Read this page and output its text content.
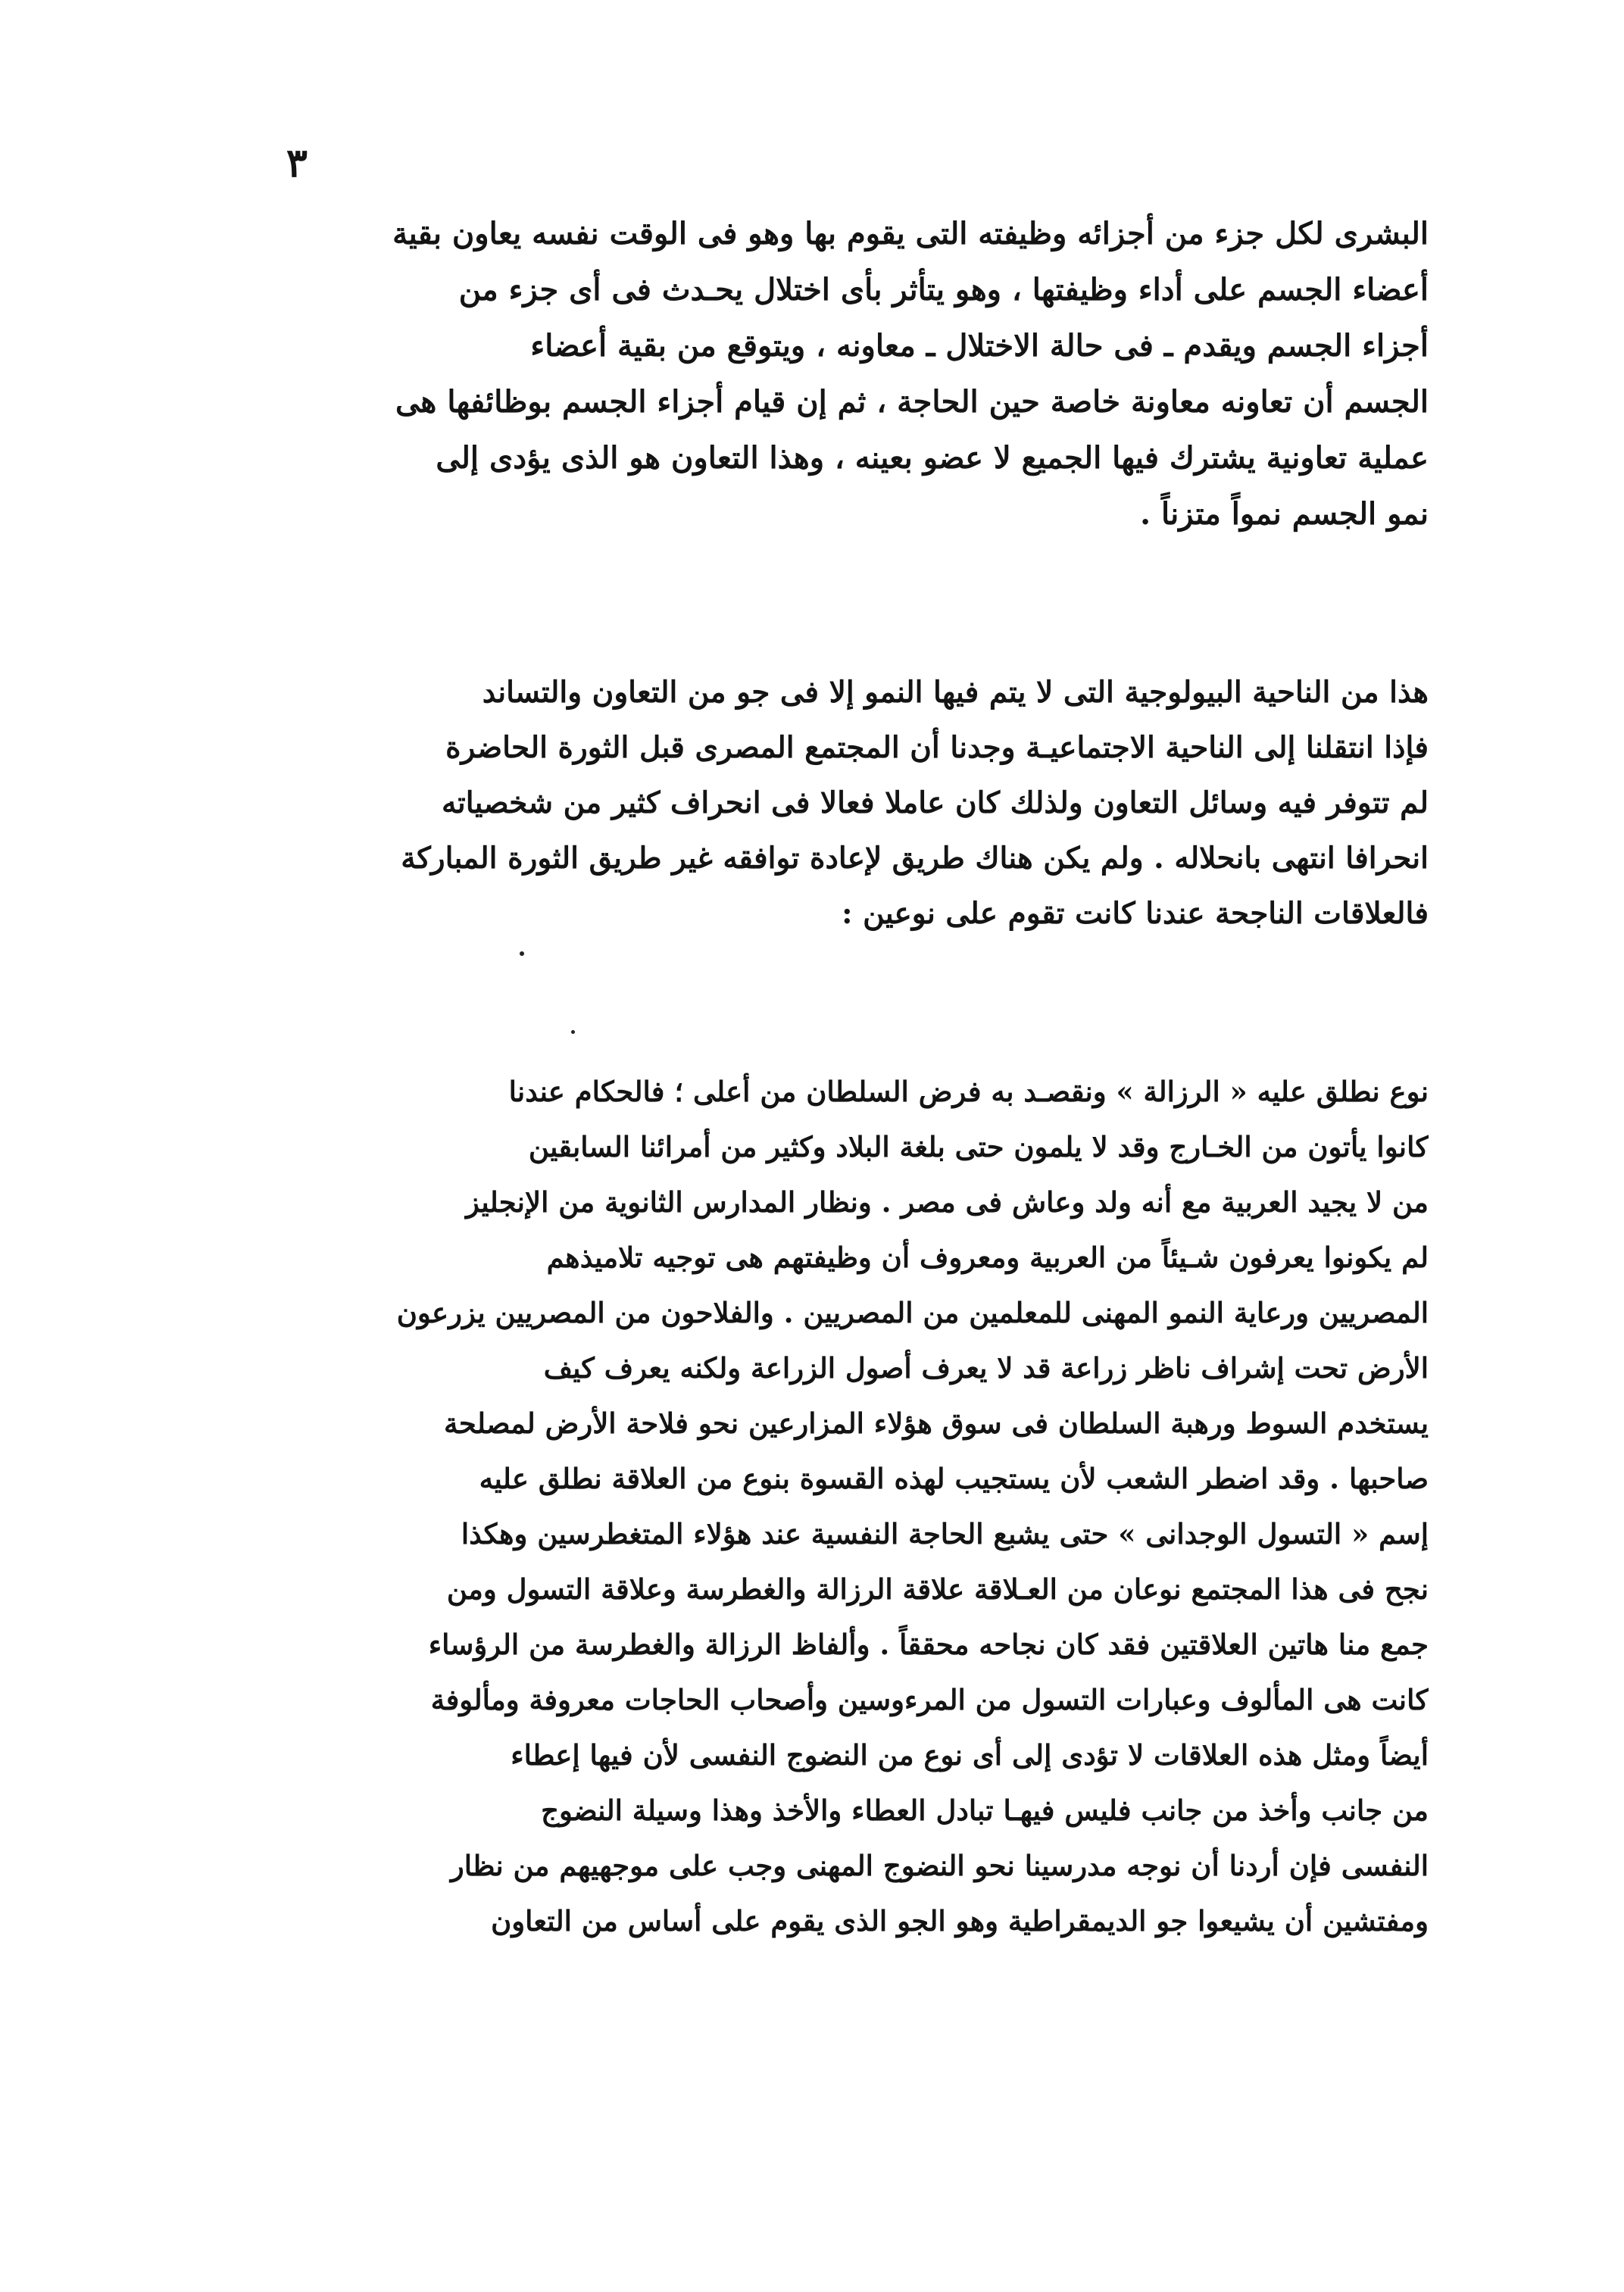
٣
البشرى لكل جزء من أجزائه وظيفته التى يقوم بها وهو فى الوقت نفسه يعاون بقية
أعضاء الجسم على أداء وظيفتها ، وهو يتأثر بأى اختلال يحـدث فى أى جزء من
أجزاء الجسم ويقدم ـ فى حالة الاختلال ـ معاونه ، ويتوقع من بقية أعضاء
الجسم أن تعاونه معاونة خاصة حين الحاجة ، ثم إن قيام أجزاء الجسم بوظائفها هى
عملية تعاونية يشترك فيها الجميع لا عضو بعينه ، وهذا التعاون هو الذى يؤدى إلى
نمو الجسم نمواً متزناً .
هذا من الناحية البيولوجية التى لا يتم فيها النمو إلا فى جو من التعاون والتساند
فإذا انتقلنا إلى الناحية الاجتماعيـة وجدنا أن المجتمع المصرى قبل الثورة الحاضرة
لم تتوفر فيه وسائل التعاون ولذلك كان عاملا فعالا فى انحراف كثير من شخصياته
انحرافا انتهى بانحلاله . ولم يكن هناك طريق لإعادة توافقه غير طريق الثورة المباركة
فالعلاقات الناجحة عندنا كانت تقوم على نوعين :
نوع نطلق عليه « الرزالة » ونقصـد به فرض السلطان من أعلى ؛ فالحكام عندنا
كانوا يأتون من الخـارج وقد لا يلمون حتى بلغة البلاد وكثير من أمرائنا السابقين
من لا يجيد العربية مع أنه ولد وعاش فى مصر . ونظار المدارس الثانوية من الإنجليز
لم يكونوا يعرفون شـيئاً من العربية ومعروف أن وظيفتهم هى توجيه تلاميذهم
المصريين ورعاية النمو المهنى للمعلمين من المصريين . والفلاحون من المصريين يزرعون
الأرض تحت إشراف ناظر زراعة قد لا يعرف أصول الزراعة ولكنه يعرف كيف
يستخدم السوط ورهبة السلطان فى سوق هؤلاء المزارعين نحو فلاحة الأرض لمصلحة
صاحبها . وقد اضطر الشعب لأن يستجيب لهذه القسوة بنوع من العلاقة نطلق عليه
إسم « التسول الوجدانى » حتى يشبع الحاجة النفسية عند هؤلاء المتغطرسين وهكذا
نجح فى هذا المجتمع نوعان من العـلاقة علاقة الرزالة والغطرسة وعلاقة التسول ومن
جمع منا هاتين العلاقتين فقد كان نجاحه محققاً . وألفاظ الرزالة والغطرسة من الرؤساء
كانت هى المألوف وعبارات التسول من المرءوسين وأصحاب الحاجات معروفة ومألوفة
أيضاً ومثل هذه العلاقات لا تؤدى إلى أى نوع من النضوج النفسى لأن فيها إعطاء
من جانب وأخذ من جانب فليس فيهـا تبادل العطاء والأخذ وهذا وسيلة النضوج
النفسى فإن أردنا أن نوجه مدرسينا نحو النضوج المهنى وجب على موجهيهم من نظار
ومفتشين أن يشيعوا جو الديمقراطية وهو الجو الذى يقوم على أساس من التعاون
